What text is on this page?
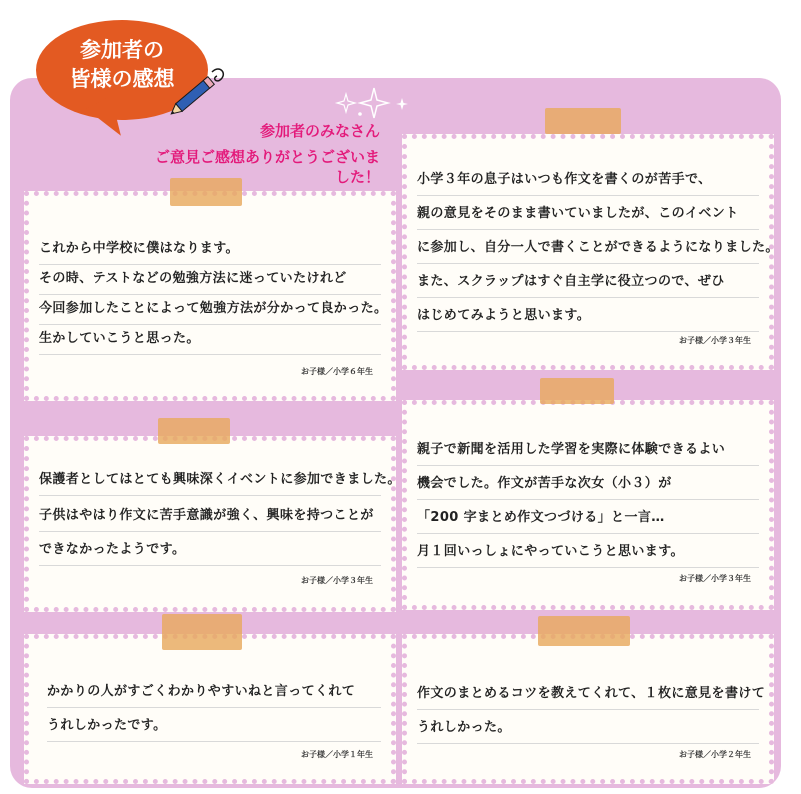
参加者の
皆様の感想
参加者のみなさん
ご意見ご感想ありがとうございました！
これから中学校に僕はなります。
その時、テストなどの勉強方法に迷っていたけれど
今回参加したことによって勉強方法が分かって良かった。
生かしていこうと思った。
お子様／小学６年生
小学３年の息子はいつも作文を書くのが苦手で、
親の意見をそのまま書いていましたが、このイベント
に参加し、自分一人で書くことができるようになりました。
また、スクラップはすぐ自主学に役立つので、ぜひ
はじめてみようと思います。
お子様／小学３年生
保護者としてはとても興味深くイベントに参加できました。
子供はやはり作文に苦手意識が強く、興味を持つことが
できなかったようです。
お子様／小学３年生
親子で新聞を活用した学習を実際に体験できるよい
機会でした。作文が苦手な次女（小３）が
「200 字まとめ作文つづける」と一言…
月１回いっしょにやっていこうと思います。
お子様／小学３年生
かかりの人がすごくわかりやすいねと言ってくれて
うれしかったです。
お子様／小学１年生
作文のまとめるコツを教えてくれて、１枚に意見を書けて
うれしかった。
お子様／小学２年生
